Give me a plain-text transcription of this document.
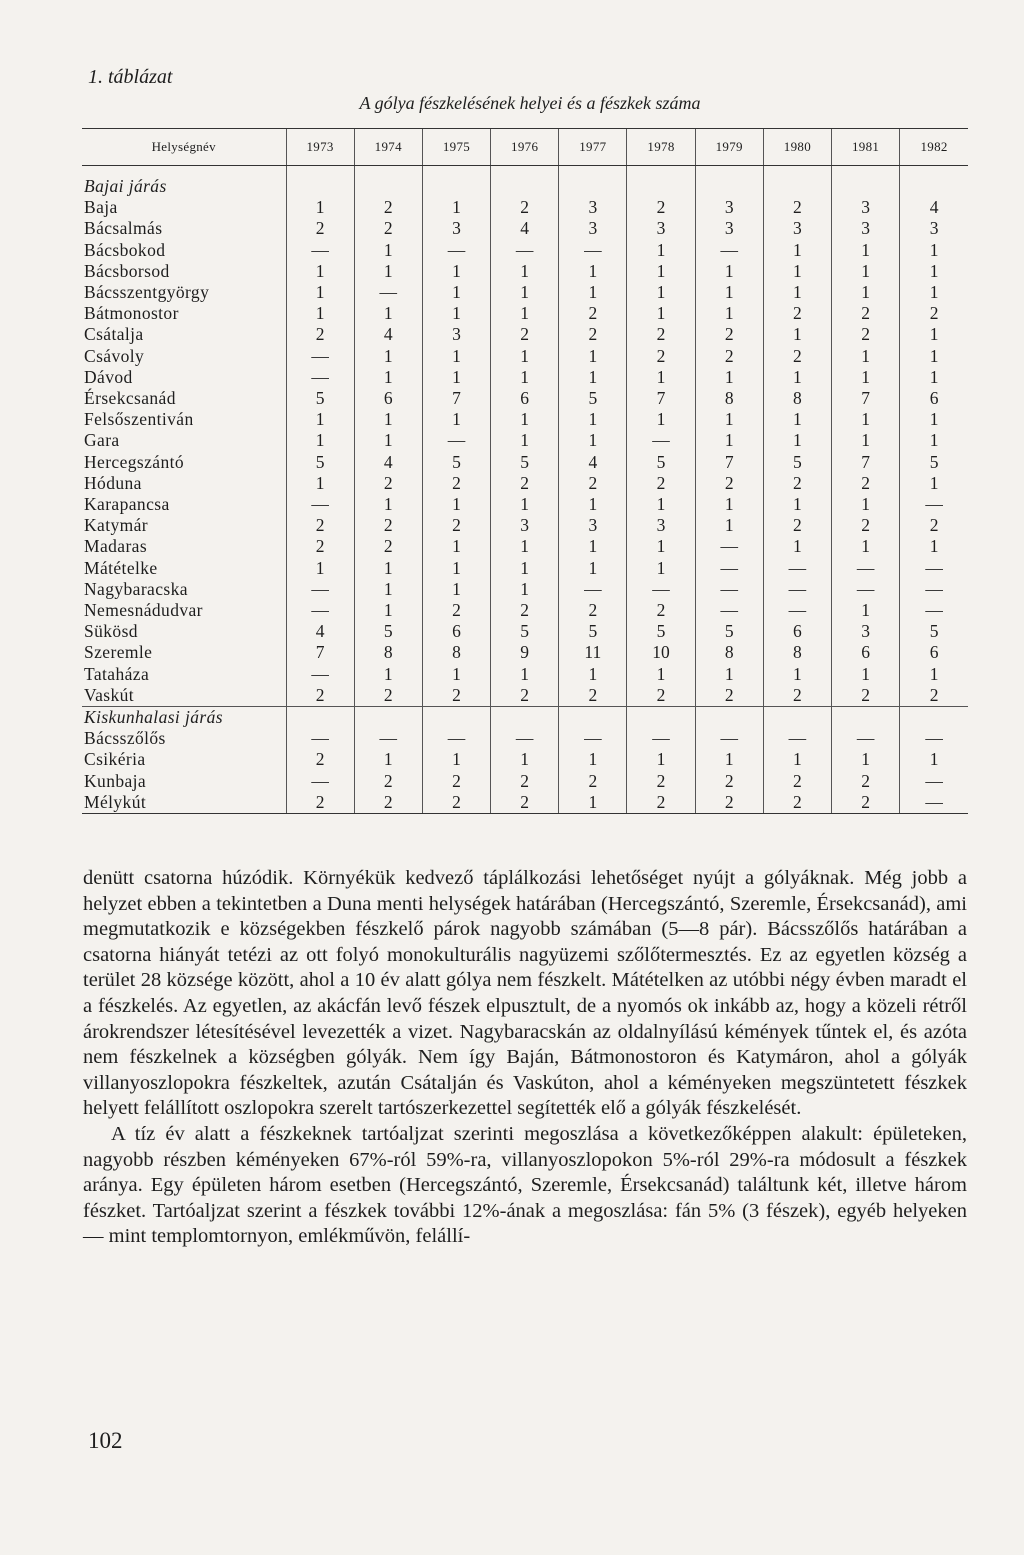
1. táblázat
A gólya fészkelésének helyei és a fészkek száma
Helységnév	1973	1974	1975	1976	1977	1978	1979	1980	1981	1982

Bajai járás										
Baja	1	2	1	2	3	2	3	2	3	4
Bácsalmás	2	2	3	4	3	3	3	3	3	3
Bácsbokod	—	1	—	—	—	1	—	1	1	1
Bácsborsod	1	1	1	1	1	1	1	1	1	1
Bácsszentgyörgy	1	—	1	1	1	1	1	1	1	1
Bátmonostor	1	1	1	1	2	1	1	2	2	2
Csátalja	2	4	3	2	2	2	2	1	2	1
Csávoly	—	1	1	1	1	2	2	2	1	1
Dávod	—	1	1	1	1	1	1	1	1	1
Érsekcsanád	5	6	7	6	5	7	8	8	7	6
Felsőszentiván	1	1	1	1	1	1	1	1	1	1
Gara	1	1	—	1	1	—	1	1	1	1
Hercegszántó	5	4	5	5	4	5	7	5	7	5
Hóduna	1	2	2	2	2	2	2	2	2	1
Karapancsa	—	1	1	1	1	1	1	1	1	—
Katymár	2	2	2	3	3	3	1	2	2	2
Madaras	2	2	1	1	1	1	—	1	1	1
Mátételke	1	1	1	1	1	1	—	—	—	—
Nagybaracska	—	1	1	1	—	—	—	—	—	—
Nemesnádudvar	—	1	2	2	2	2	—	—	1	—
Sükösd	4	5	6	5	5	5	5	6	3	5
Szeremle	7	8	8	9	11	10	8	8	6	6
Tataháza	—	1	1	1	1	1	1	1	1	1
Vaskút	2	2	2	2	2	2	2	2	2	2
Kiskunhalasi járás										
Bácsszőlős	—	—	—	—	—	—	—	—	—	—
Csikéria	2	1	1	1	1	1	1	1	1	1
Kunbaja	—	2	2	2	2	2	2	2	2	—
Mélykút	2	2	2	2	1	2	2	2	2	—

denütt csatorna húzódik. Környékük kedvező táplálkozási lehetőséget nyújt a gólyáknak. Még jobb a helyzet ebben a tekintetben a Duna menti helységek határában (Hercegszántó, Szeremle, Érsekcsanád), ami megmutatkozik e községekben fészkelő párok nagyobb számában (5—8 pár). Bácsszőlős határában a csatorna hiányát tetézi az ott folyó monokulturális nagyüzemi szőlőtermesztés. Ez az egyetlen község a terület 28 községe között, ahol a 10 év alatt gólya nem fészkelt. Mátételken az utóbbi négy évben maradt el a fészkelés. Az egyetlen, az akácfán levő fészek elpusztult, de a nyomós ok inkább az, hogy a közeli rétről árokrendszer létesítésével levezették a vizet. Nagybaracskán az oldalnyílású kémények tűntek el, és azóta nem fészkelnek a községben gólyák. Nem így Baján, Bátmonostoron és Katymáron, ahol a gólyák villanyoszlopokra fészkeltek, azután Csátalján és Vaskúton, ahol a kéményeken megszüntetett fészkek helyett felállított oszlopokra szerelt tartószerkezettel segítették elő a gólyák fészkelését.

A tíz év alatt a fészkeknek tartóaljzat szerinti megoszlása a következőképpen alakult: épületeken, nagyobb részben kéményeken 67%-ról 59%-ra, villanyoszlopokon 5%-ról 29%-ra módosult a fészkek aránya. Egy épületen három esetben (Hercegszántó, Szeremle, Érsekcsanád) találtunk két, illetve három fészket. Tartóaljzat szerint a fészkek további 12%-ának a megoszlása: fán 5% (3 fészek), egyéb helyeken — mint templomtornyon, emlékművön, felállí-

102
